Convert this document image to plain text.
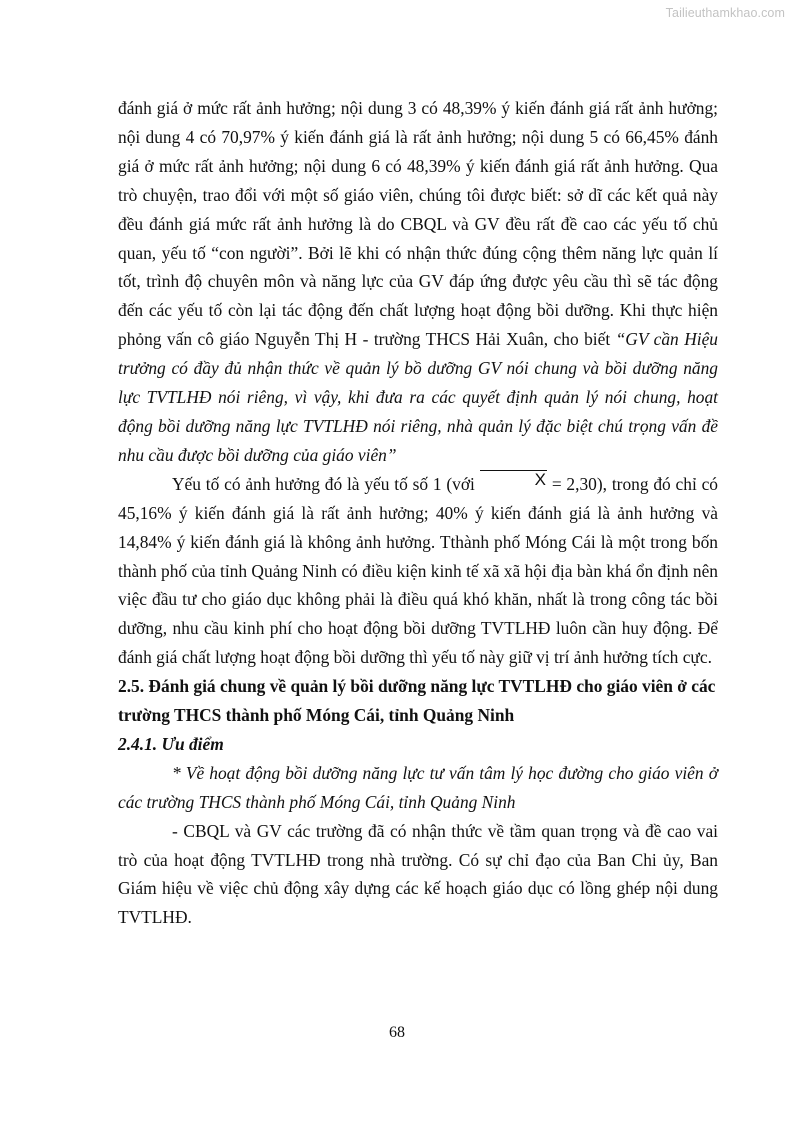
Tailieuthamkhao.com

đánh giá ở mức rất ảnh hưởng; nội dung 3 có 48,39% ý kiến đánh giá rất ảnh hưởng; nội dung 4 có 70,97% ý kiến đánh giá là rất ảnh hưởng; nội dung 5 có 66,45% đánh giá ở mức rất ảnh hưởng; nội dung 6 có 48,39% ý kiến đánh giá rất ảnh hưởng. Qua trò chuyện, trao đổi với một số giáo viên, chúng tôi được biết: sở dĩ các kết quả này đều đánh giá mức rất ảnh hưởng là do CBQL và GV đều rất đề cao các yếu tố chủ quan, yếu tố “con người”. Bởi lẽ khi có nhận thức đúng cộng thêm năng lực quản lí tốt, trình độ chuyên môn và năng lực của GV đáp ứng được yêu cầu thì sẽ tác động đến các yếu tố còn lại tác động đến chất lượng hoạt động bồi dưỡng. Khi thực hiện phỏng vấn cô giáo Nguyễn Thị H - trường THCS Hải Xuân, cho biết “GV cần Hiệu trưởng có đầy đủ nhận thức về quản lý bồ dưỡng GV nói chung và bồi dưỡng năng lực TVTLHĐ nói riêng, vì vậy, khi đưa ra các quyết định quản lý nói chung, hoạt động bồi dưỡng năng lực TVTLHĐ nói riêng, nhà quản lý đặc biệt chú trọng vấn đề nhu cầu được bồi dưỡng của giáo viên”

Yếu tố có ảnh hưởng đó là yếu tố số 1 (với	X = 2,30), trong đó chỉ có 45,16% ý kiến đánh giá là rất ảnh hưởng; 40% ý kiến đánh giá là ảnh hưởng và 14,84% ý kiến đánh giá là không ảnh hưởng. Tthành phố Móng Cái là một trong bốn thành phố của tỉnh Quảng Ninh có điều kiện kinh tế xã xã hội địa bàn khá ổn định nên việc đầu tư cho giáo dục không phải là điều quá khó khăn, nhất là trong công tác bồi dưỡng, nhu cầu kinh phí cho hoạt động bồi dưỡng TVTLHĐ luôn cần huy động. Để đánh giá chất lượng hoạt động bồi dưỡng thì yếu tố này giữ vị trí ảnh hưởng tích cực.

2.5. Đánh giá chung về quản lý bồi dưỡng năng lực TVTLHĐ cho giáo viên ở các trường THCS thành phố Móng Cái, tỉnh Quảng Ninh

2.4.1. Ưu điểm

* Về hoạt động bồi dưỡng năng lực tư vấn tâm lý học đường cho giáo viên ở các trường THCS thành phố Móng Cái, tỉnh Quảng Ninh

- CBQL và GV các trường đã có nhận thức về tầm quan trọng và đề cao vai trò của hoạt động TVTLHĐ trong nhà trường. Có sự chỉ đạo của Ban Chi ủy, Ban Giám hiệu về việc chủ động xây dựng các kế hoạch giáo dục có lồng ghép nội dung TVTLHĐ.

68
